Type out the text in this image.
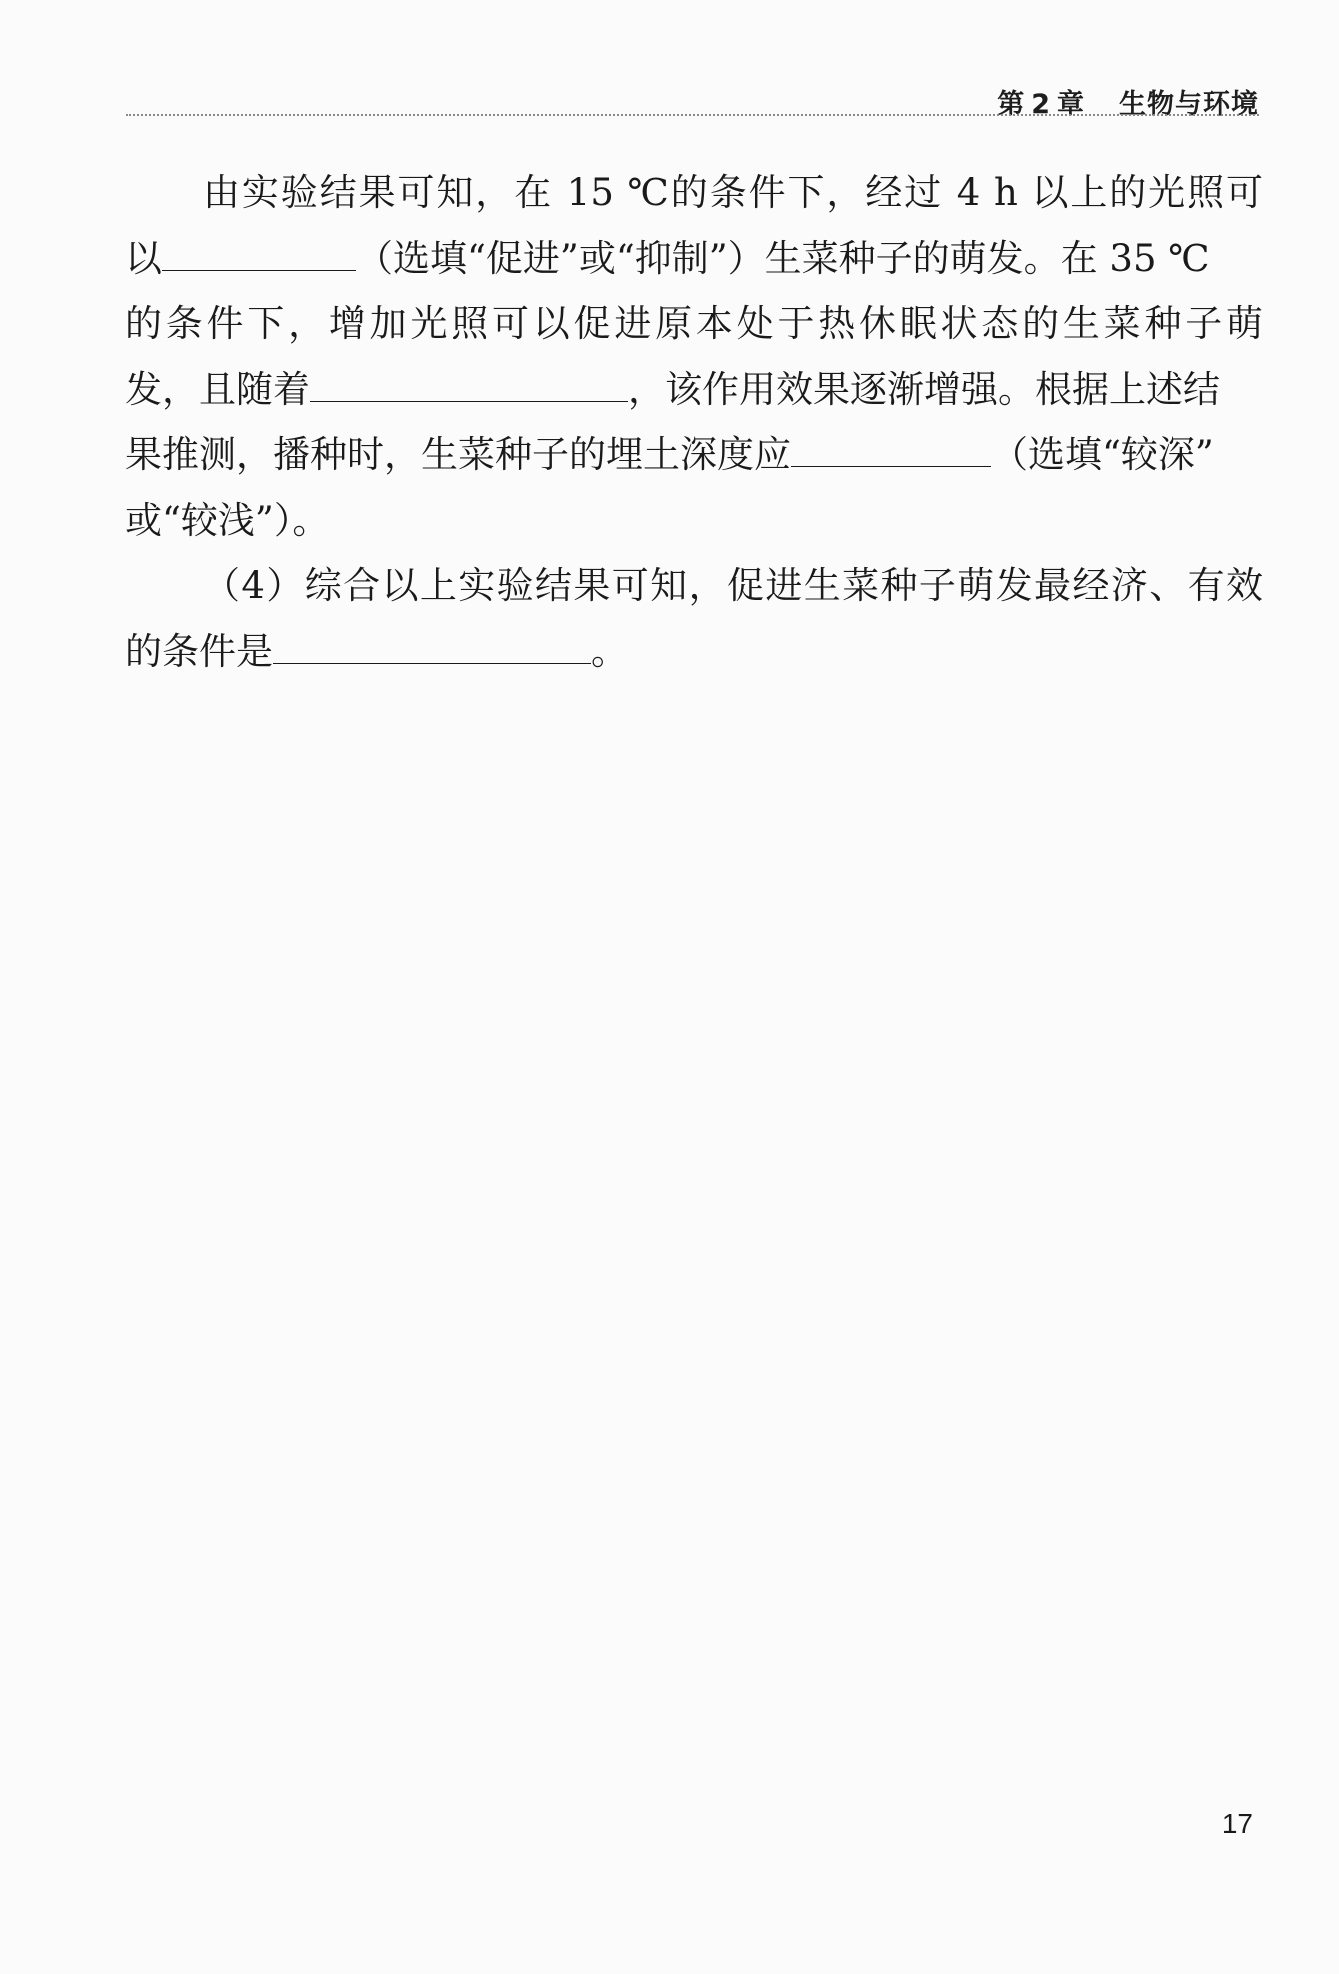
第 2 章 生物与环境
由实验结果可知，在 15 ℃的条件下，经过 4 h 以上的光照可
以	（选填“促进”或“抑制”）生菜种子的萌发。在 35 ℃
的条件下，增加光照可以促进原本处于热休眠状态的生菜种子萌
发，且随着	，该作用效果逐渐增强。根据上述结
果推测，播种时，生菜种子的埋土深度应	（选填“较深”
或“较浅”）。
（4）综合以上实验结果可知，促进生菜种子萌发最经济、有效
的条件是	。
17
